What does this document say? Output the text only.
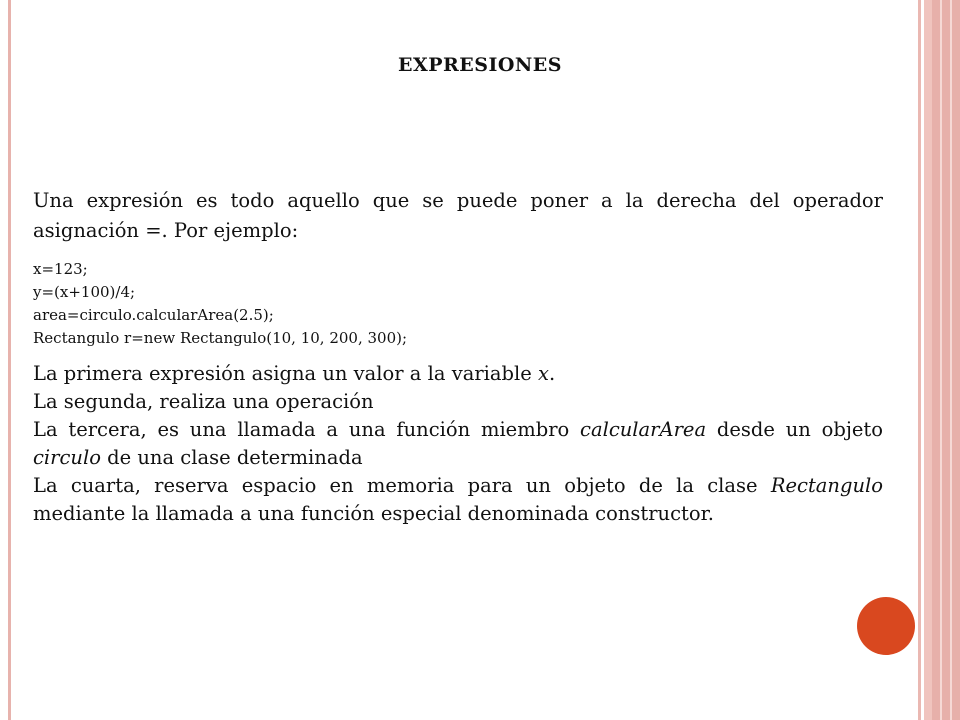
EXPRESIONES

Una expresión es todo aquello que se puede poner a la derecha del operador asignación =. Por ejemplo:

x=123;
y=(x+100)/4;
area=circulo.calcularArea(2.5);
Rectangulo r=new Rectangulo(10, 10, 200, 300);

La primera expresión asigna un valor a la variable x.

La segunda, realiza una operación

La tercera, es una llamada a una función miembro calcularArea desde un objeto circulo de una clase determinada

La cuarta, reserva espacio en memoria para un objeto de la clase Rectangulo mediante la llamada a una función especial denominada constructor.
